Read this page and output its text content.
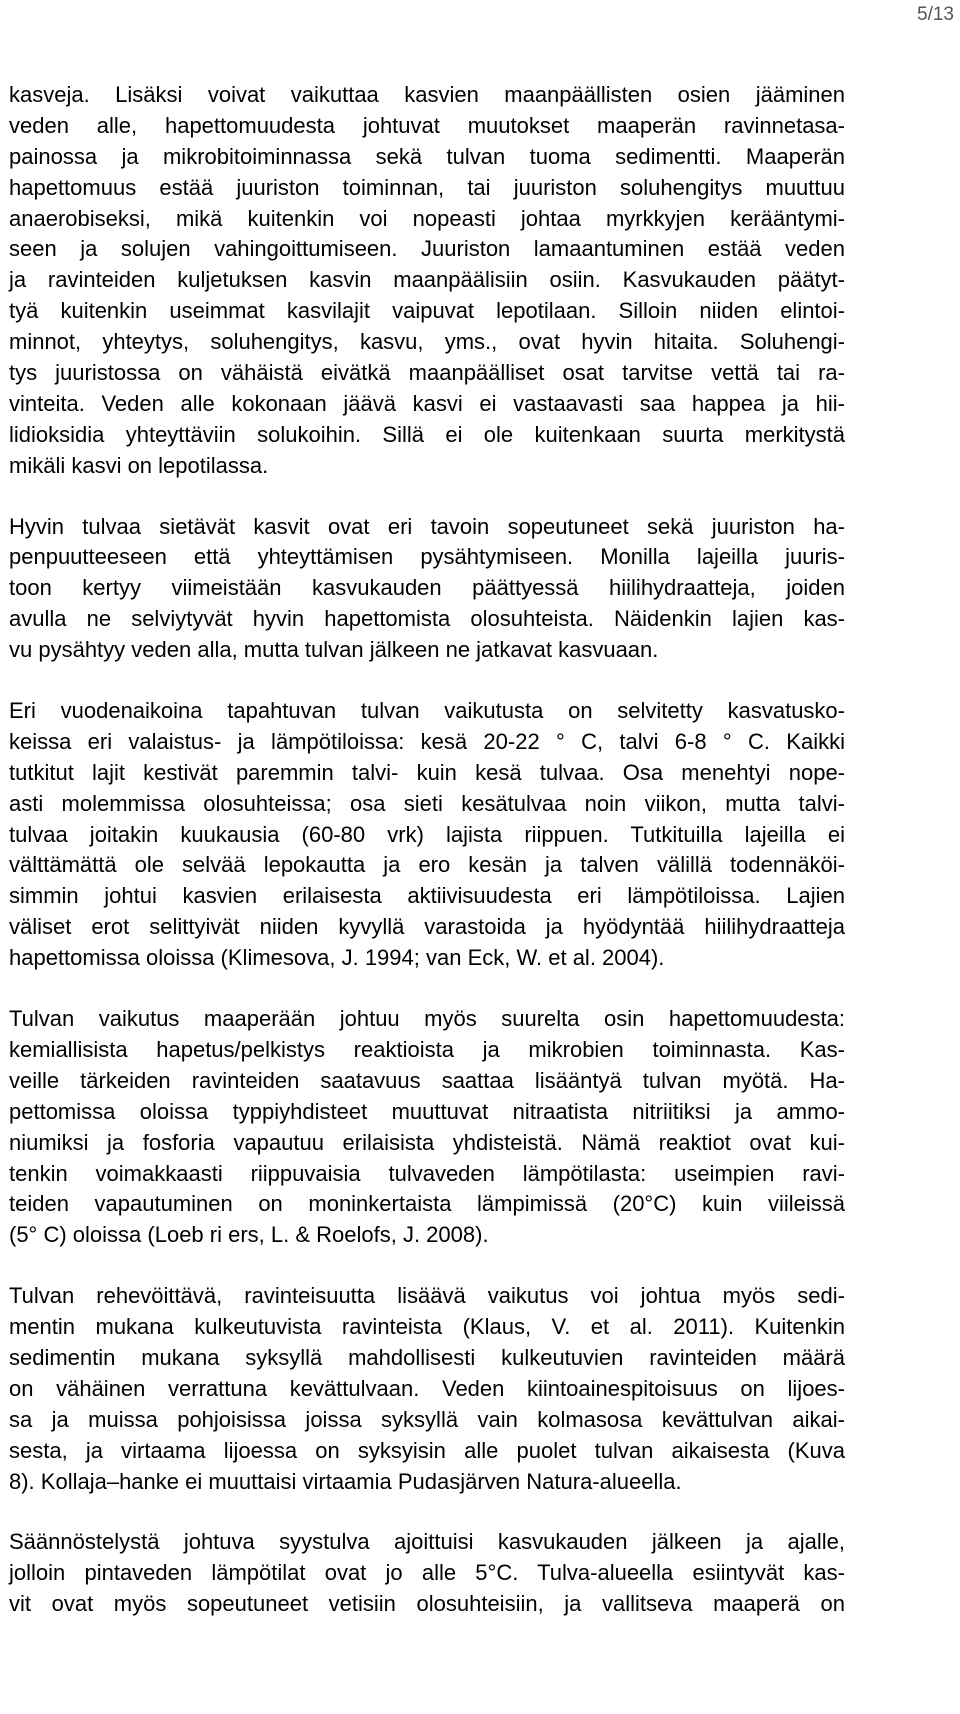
5/13
kasveja. Lisäksi voivat vaikuttaa kasvien maanpäällisten osien jääminen
veden alle, hapettomuudesta johtuvat muutokset maaperän ravinnetasa-
painossa ja mikrobitoiminnassa sekä tulvan tuoma sedimentti. Maaperän
hapettomuus estää juuriston toiminnan, tai juuriston soluhengitys muuttuu
anaerobiseksi, mikä kuitenkin voi nopeasti johtaa myrkkyjen kerääntymi-
seen ja solujen vahingoittumiseen. Juuriston lamaantuminen estää veden
ja ravinteiden kuljetuksen kasvin maanpäälisiin osiin. Kasvukauden päätyt-
tyä kuitenkin useimmat kasvilajit vaipuvat lepotilaan. Silloin niiden elintoi-
minnot, yhteytys, soluhengitys, kasvu, yms., ovat hyvin hitaita. Soluhengi-
tys juuristossa on vähäistä eivätkä maanpäälliset osat tarvitse vettä tai ra-
vinteita. Veden alle kokonaan jäävä kasvi ei vastaavasti saa happea ja hii-
lidioksidia yhteyttäviin solukoihin. Sillä ei ole kuitenkaan suurta merkitystä
mikäli kasvi on lepotilassa.
Hyvin tulvaa sietävät kasvit ovat eri tavoin sopeutuneet sekä juuriston ha-
penpuutteeseen että yhteyttämisen pysähtymiseen. Monilla lajeilla juuris-
toon kertyy viimeistään kasvukauden päättyessä hiilihydraatteja, joiden
avulla ne selviytyvät hyvin hapettomista olosuhteista. Näidenkin lajien kas-
vu pysähtyy veden alla, mutta tulvan jälkeen ne jatkavat kasvuaan.
Eri vuodenaikoina tapahtuvan tulvan vaikutusta on selvitetty kasvatusko-
keissa eri valaistus- ja lämpötiloissa: kesä 20-22 ° C, talvi 6-8 ° C. Kaikki
tutkitut lajit kestivät paremmin talvi- kuin kesä tulvaa. Osa menehtyi nope-
asti molemmissa olosuhteissa; osa sieti kesätulvaa noin viikon, mutta talvi-
tulvaa joitakin kuukausia (60-80 vrk) lajista riippuen. Tutkituilla lajeilla ei
välttämättä ole selvää lepokautta ja ero kesän ja talven välillä todennäköi-
simmin johtui kasvien erilaisesta aktiivisuudesta eri lämpötiloissa. Lajien
väliset erot selittyivät niiden kyvyllä varastoida ja hyödyntää hiilihydraatteja
hapettomissa oloissa (Klimesova, J. 1994; van Eck, W. et al. 2004).
Tulvan vaikutus maaperään johtuu myös suurelta osin hapettomuudesta:
kemiallisista hapetus/pelkistys reaktioista ja mikrobien toiminnasta. Kas-
veille tärkeiden ravinteiden saatavuus saattaa lisääntyä tulvan myötä. Ha-
pettomissa oloissa typpiyhdisteet muuttuvat nitraatista nitriitiksi ja ammo-
niumiksi ja fosforia vapautuu erilaisista yhdisteistä. Nämä reaktiot ovat kui-
tenkin voimakkaasti riippuvaisia tulvaveden lämpötilasta: useimpien ravi-
teiden vapautuminen on moninkertaista lämpimissä (20°C) kuin viileissä
(5° C) oloissa (Loeb ri ers, L. & Roelofs, J. 2008).
Tulvan rehevöittävä, ravinteisuutta lisäävä vaikutus voi johtua myös sedi-
mentin mukana kulkeutuvista ravinteista (Klaus, V. et al. 2011). Kuitenkin
sedimentin mukana syksyllä mahdollisesti kulkeutuvien ravinteiden määrä
on vähäinen verrattuna kevättulvaan. Veden kiintoainespitoisuus on lijoes-
sa ja muissa pohjoisissa joissa syksyllä vain kolmasosa kevättulvan aikai-
sesta, ja virtaama lijoessa on syksyisin alle puolet tulvan aikaisesta (Kuva
8). Kollaja–hanke ei muuttaisi virtaamia Pudasjärven Natura-alueella.
Säännöstelystä johtuva syystulva ajoittuisi kasvukauden jälkeen ja ajalle,
jolloin pintaveden lämpötilat ovat jo alle 5°C. Tulva-alueella esiintyvät kas-
vit ovat myös sopeutuneet vetisiin olosuhteisiin, ja vallitseva maaperä on
